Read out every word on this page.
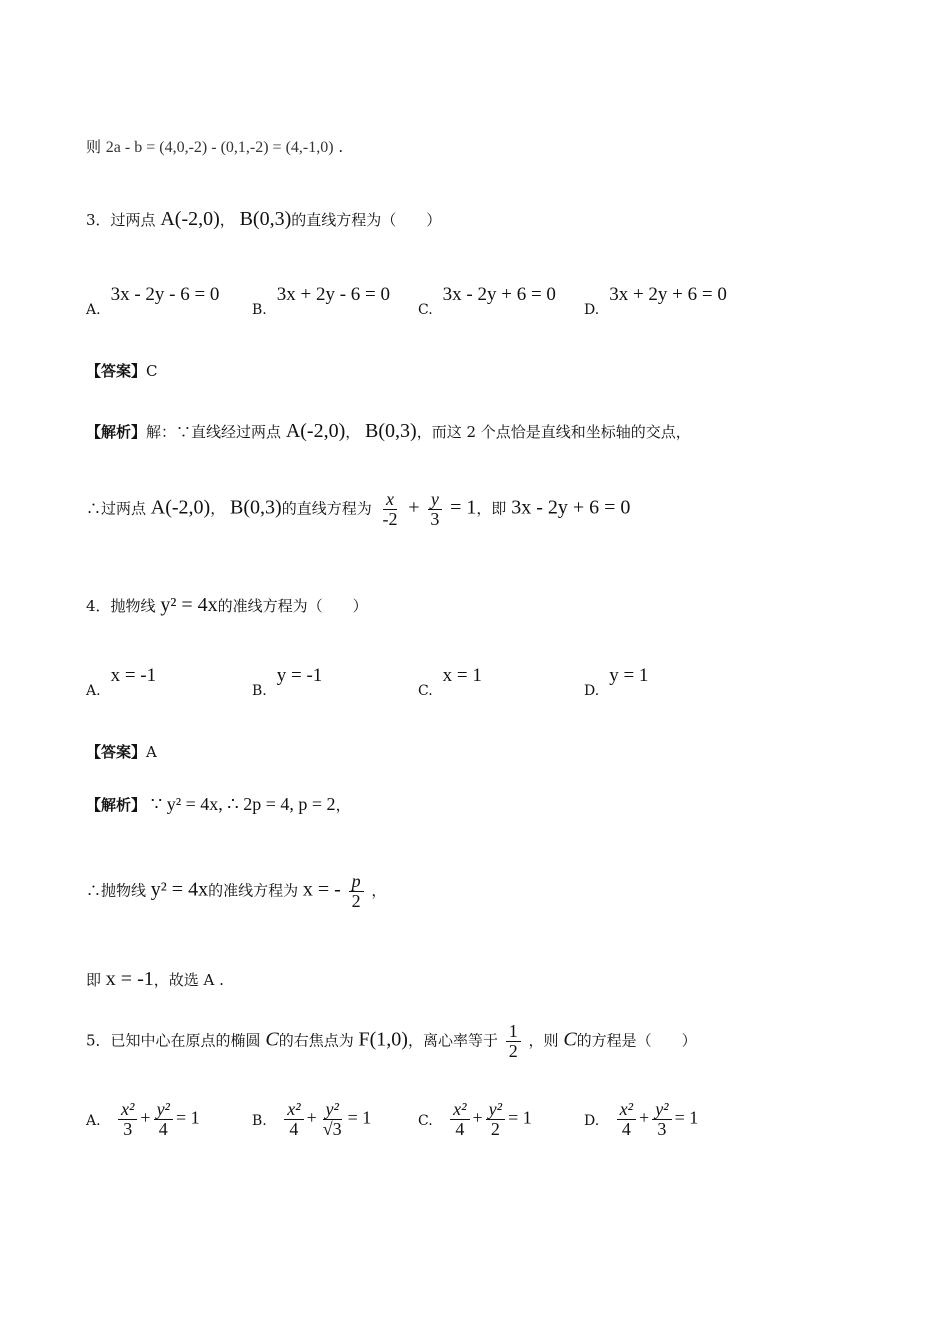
则 2a - b = (4,0,-2) - (0,1,-2) = (4,-1,0) .
3．过两点 A(-2,0)， B(0,3)的直线方程为（　　）
A.3x - 2y - 6 = 0
B.3x + 2y - 6 = 0
C.3x - 2y + 6 = 0
D.3x + 2y + 6 = 0
【答案】C
【解析】解：∵直线经过两点 A(-2,0)， B(0,3)，而这 2 个点恰是直线和坐标轴的交点，
∴过两点 A(-2,0)， B(0,3)的直线方程为 $\frac{x}{-2} + \frac{y}{3} = 1$，即 3x - 2y + 6 = 0
4．抛物线 y² = 4x的准线方程为（　　）
A.x = -1
B.y = -1
C.x = 1
D.y = 1
【答案】A
【解析】 ∵ y² = 4x, ∴ 2p = 4, p = 2，
∴抛物线 y² = 4x的准线方程为 x = - $\frac{p}{2}$ ，
即 x = -1，故选 A .
5．已知中心在原点的椭圆 C的右焦点为 F(1,0)，离心率等于 $\frac{1}{2}$ ，则 C的方程是（　　）
A. $\frac{\text{x²}}{3} + \frac{\text{y²}}{4} = 1$	B. $\frac{\text{x²}}{4} + \frac{\text{y²}}{√3} = 1$	C. $\frac{\text{x²}}{4} + \frac{\text{y²}}{2} = 1$	D. $\frac{\text{x²}}{4} + \frac{\text{y²}}{3} = 1$
